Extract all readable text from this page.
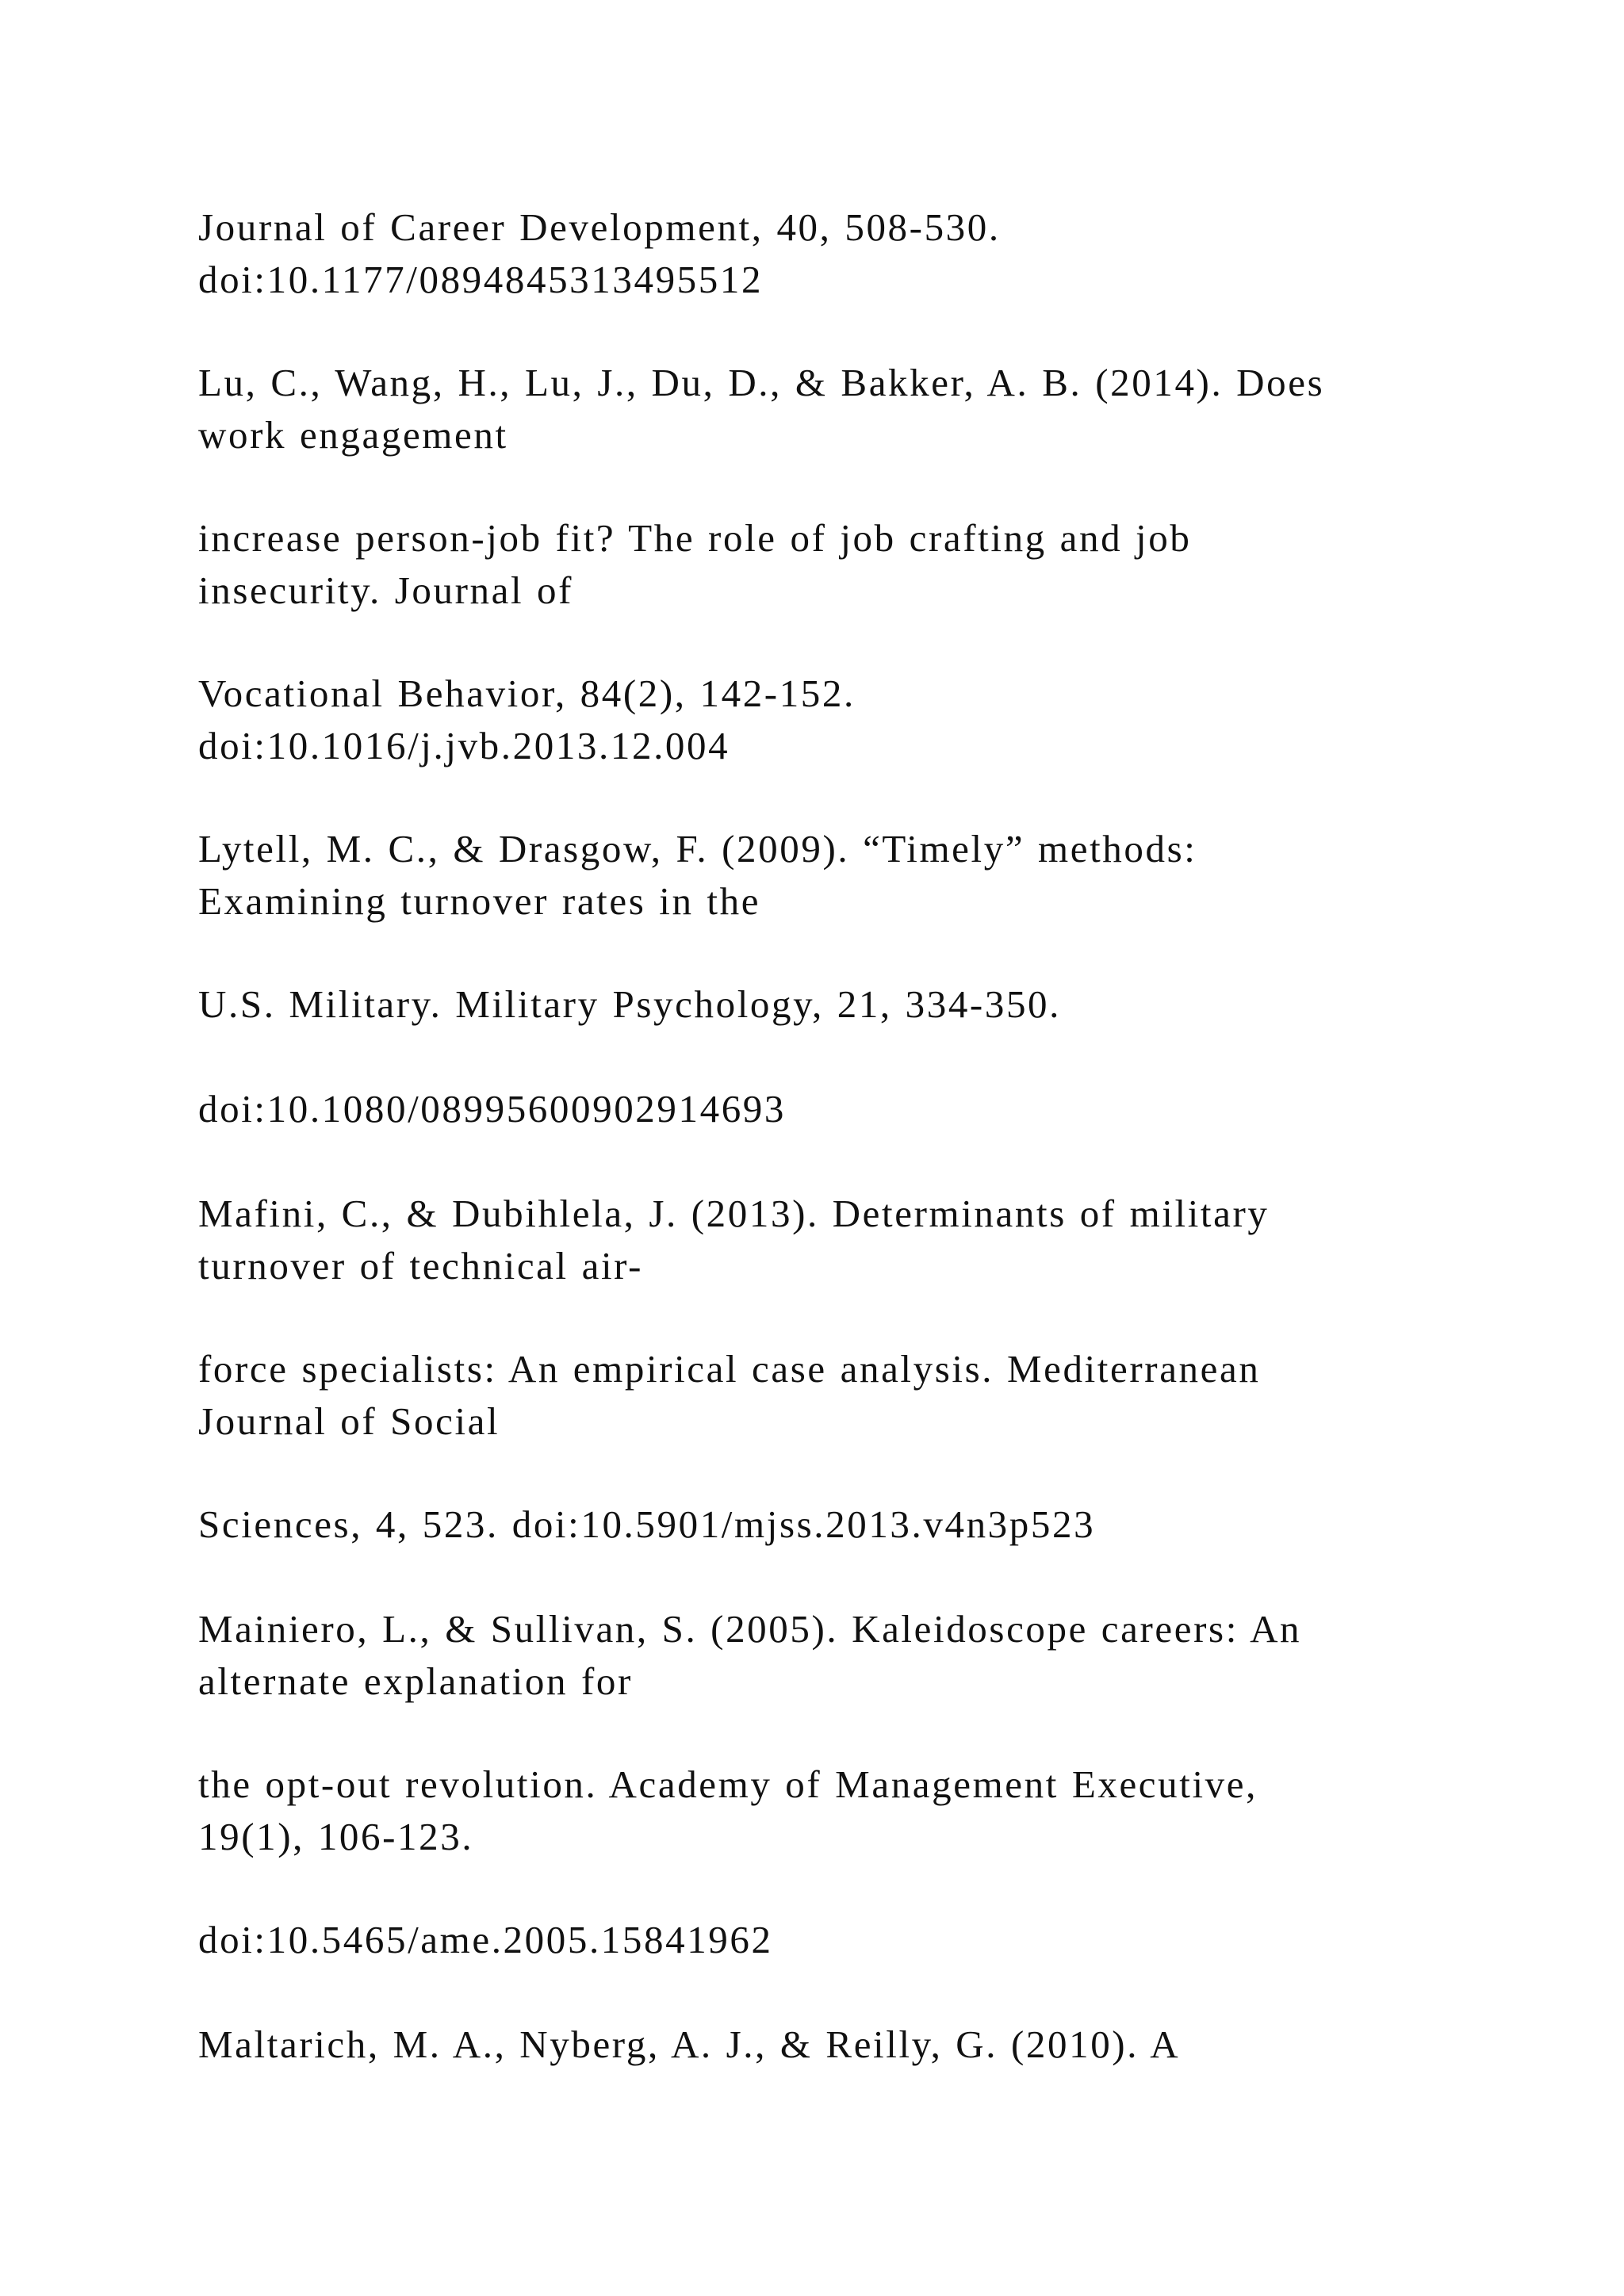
Journal of Career Development, 40, 508-530.
doi:10.1177/0894845313495512
Lu, C., Wang, H., Lu, J., Du, D., & Bakker, A. B. (2014). Does
work engagement
increase person-job fit? The role of job crafting and job
insecurity. Journal of
Vocational Behavior, 84(2), 142-152.
doi:10.1016/j.jvb.2013.12.004
Lytell, M. C., & Drasgow, F. (2009). “Timely” methods:
Examining turnover rates in the
U.S. Military. Military Psychology, 21, 334-350.
doi:10.1080/08995600902914693
Mafini, C., & Dubihlela, J. (2013). Determinants of military
turnover of technical air-
force specialists: An empirical case analysis. Mediterranean
Journal of Social
Sciences, 4, 523. doi:10.5901/mjss.2013.v4n3p523
Mainiero, L., & Sullivan, S. (2005). Kaleidoscope careers: An
alternate explanation for
the opt-out revolution. Academy of Management Executive,
19(1), 106-123.
doi:10.5465/ame.2005.15841962
Maltarich, M. A., Nyberg, A. J., & Reilly, G. (2010). A
